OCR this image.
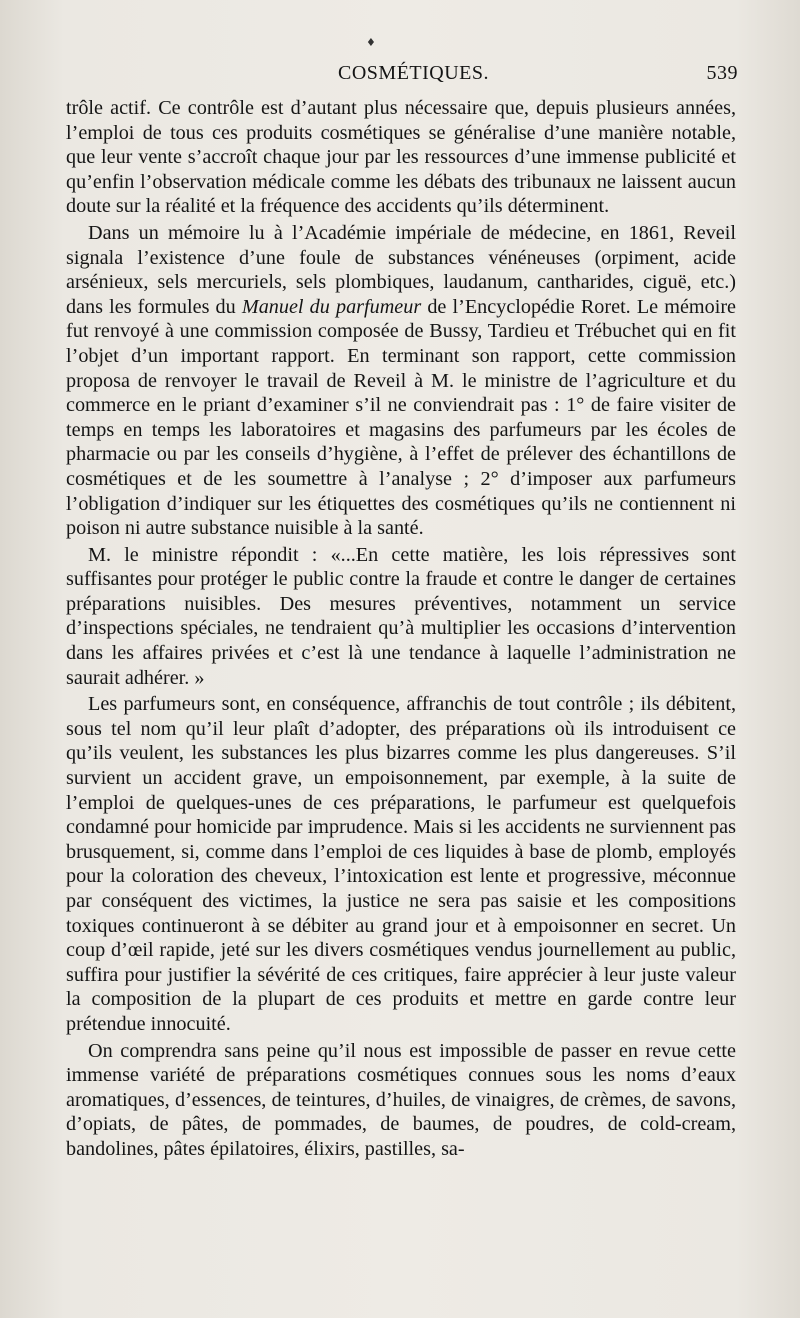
♦
COSMÉTIQUES.	539

trôle actif. Ce contrôle est d’autant plus nécessaire que, depuis plusieurs années, l’emploi de tous ces produits cosmétiques se généralise d’une manière notable, que leur vente s’accroît chaque jour par les ressources d’une immense publicité et qu’enfin l’observation médicale comme les débats des tribunaux ne laissent aucun doute sur la réalité et la fréquence des accidents qu’ils déterminent.

Dans un mémoire lu à l’Académie impériale de médecine, en 1861, Reveil signala l’existence d’une foule de substances vénéneuses (orpiment, acide arsénieux, sels mercuriels, sels plombiques, laudanum, cantharides, ciguë, etc.) dans les formules du Manuel du parfumeur de l’Encyclopédie Roret. Le mémoire fut renvoyé à une commission composée de Bussy, Tardieu et Trébuchet qui en fit l’objet d’un important rapport. En terminant son rapport, cette commission proposa de renvoyer le travail de Reveil à M. le ministre de l’agriculture et du commerce en le priant d’examiner s’il ne conviendrait pas : 1° de faire visiter de temps en temps les laboratoires et magasins des parfumeurs par les écoles de pharmacie ou par les conseils d’hygiène, à l’effet de prélever des échantillons de cosmétiques et de les soumettre à l’analyse ; 2° d’imposer aux parfumeurs l’obligation d’indiquer sur les étiquettes des cosmétiques qu’ils ne contiennent ni poison ni autre substance nuisible à la santé.

M. le ministre répondit : «...En cette matière, les lois répressives sont suffisantes pour protéger le public contre la fraude et contre le danger de certaines préparations nuisibles. Des mesures préventives, notamment un service d’inspections spéciales, ne tendraient qu’à multiplier les occasions d’intervention dans les affaires privées et c’est là une tendance à laquelle l’administration ne saurait adhérer. »

Les parfumeurs sont, en conséquence, affranchis de tout contrôle ; ils débitent, sous tel nom qu’il leur plaît d’adopter, des préparations où ils introduisent ce qu’ils veulent, les substances les plus bizarres comme les plus dangereuses. S’il survient un accident grave, un empoisonnement, par exemple, à la suite de l’emploi de quelques-unes de ces préparations, le parfumeur est quelquefois condamné pour homicide par imprudence. Mais si les accidents ne surviennent pas brusquement, si, comme dans l’emploi de ces liquides à base de plomb, employés pour la coloration des cheveux, l’intoxication est lente et progressive, méconnue par conséquent des victimes, la justice ne sera pas saisie et les compositions toxiques continueront à se débiter au grand jour et à empoisonner en secret. Un coup d’œil rapide, jeté sur les divers cosmétiques vendus journellement au public, suffira pour justifier la sévérité de ces critiques, faire apprécier à leur juste valeur la composition de la plupart de ces produits et mettre en garde contre leur prétendue innocuité.

On comprendra sans peine qu’il nous est impossible de passer en revue cette immense variété de préparations cosmétiques connues sous les noms d’eaux aromatiques, d’essences, de teintures, d’huiles, de vinaigres, de crèmes, de savons, d’opiats, de pâtes, de pommades, de baumes, de poudres, de cold-cream, bandolines, pâtes épilatoires, élixirs, pastilles, sa-
